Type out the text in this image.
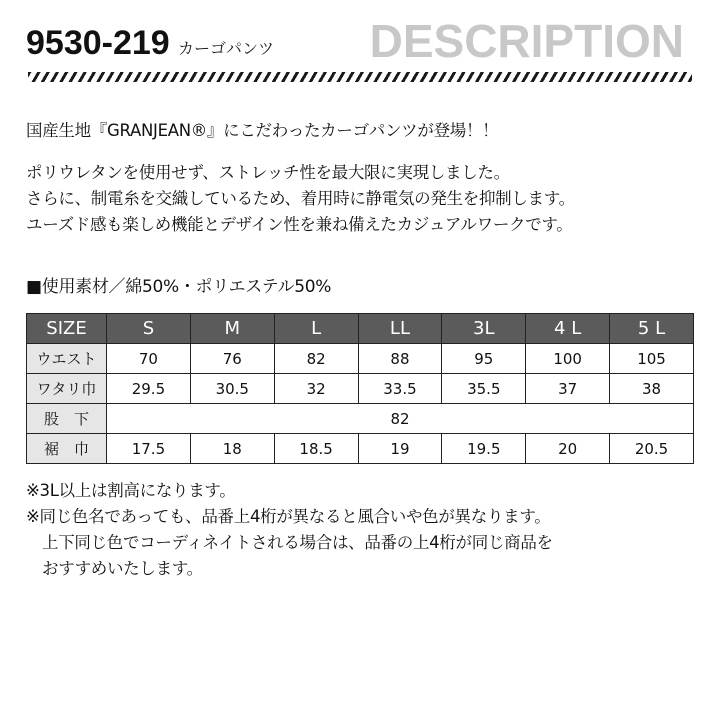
9530-219 カーゴパンツ DESCRIPTION
国産生地『GRANJEAN®』にこだわったカーゴパンツが登場！！
ポリウレタンを使用せず、ストレッチ性を最大限に実現しました。
さらに、制電糸を交織しているため、着用時に静電気の発生を抑制します。
ユーズド感も楽しめ機能とデザイン性を兼ね備えたカジュアルワークです。
■使用素材／綿50%・ポリエステル50%
SIZE	S	M	L	LL	3L	4 L	5 L
ウエスト	70	76	82	88	95	100	105
ワタリ巾	29.5	30.5	32	33.5	35.5	37	38
股　下	82						
裾　巾	17.5	18	18.5	19	19.5	20	20.5
※3L以上は割高になります。
※同じ色名であっても、品番上4桁が異なると風合いや色が異なります。
上下同じ色でコーディネイトされる場合は、品番の上4桁が同じ商品を
おすすめいたします。
